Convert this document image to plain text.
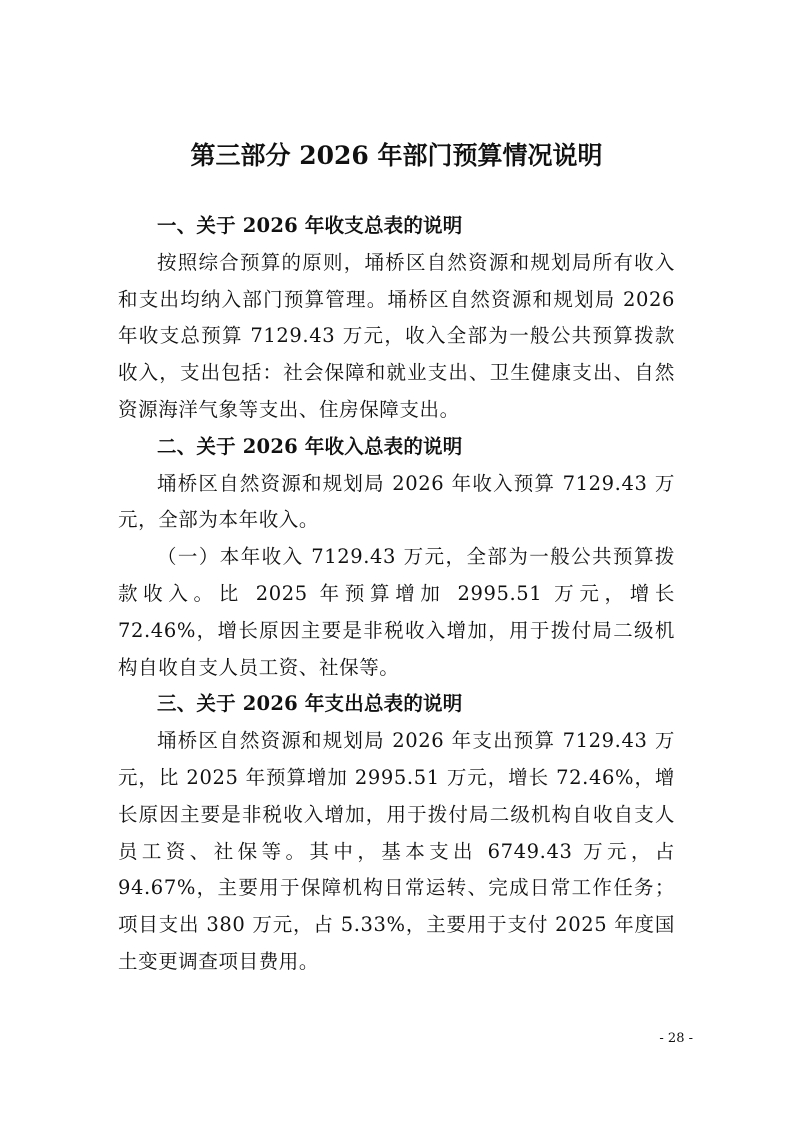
第三部分 2026 年部门预算情况说明

一、关于 2026 年收支总表的说明

按照综合预算的原则，埇桥区自然资源和规划局所有收入和支出均纳入部门预算管理。埇桥区自然资源和规划局 2026 年收支总预算 7129.43 万元，收入全部为一般公共预算拨款收入，支出包括：社会保障和就业支出、卫生健康支出、自然资源海洋气象等支出、住房保障支出。

二、关于 2026 年收入总表的说明

埇桥区自然资源和规划局 2026 年收入预算 7129.43 万元，全部为本年收入。

（一）本年收入 7129.43 万元，全部为一般公共预算拨款收入。比 2025 年预算增加 2995.51 万元，增长 72.46%，增长原因主要是非税收入增加，用于拨付局二级机构自收自支人员工资、社保等。

三、关于 2026 年支出总表的说明

埇桥区自然资源和规划局 2026 年支出预算 7129.43 万元，比 2025 年预算增加 2995.51 万元，增长 72.46%，增长原因主要是非税收入增加，用于拨付局二级机构自收自支人员工资、社保等。其中，基本支出 6749.43 万元，占 94.67%，主要用于保障机构日常运转、完成日常工作任务；项目支出 380 万元，占 5.33%，主要用于支付 2025 年度国土变更调查项目费用。

- 28 -
